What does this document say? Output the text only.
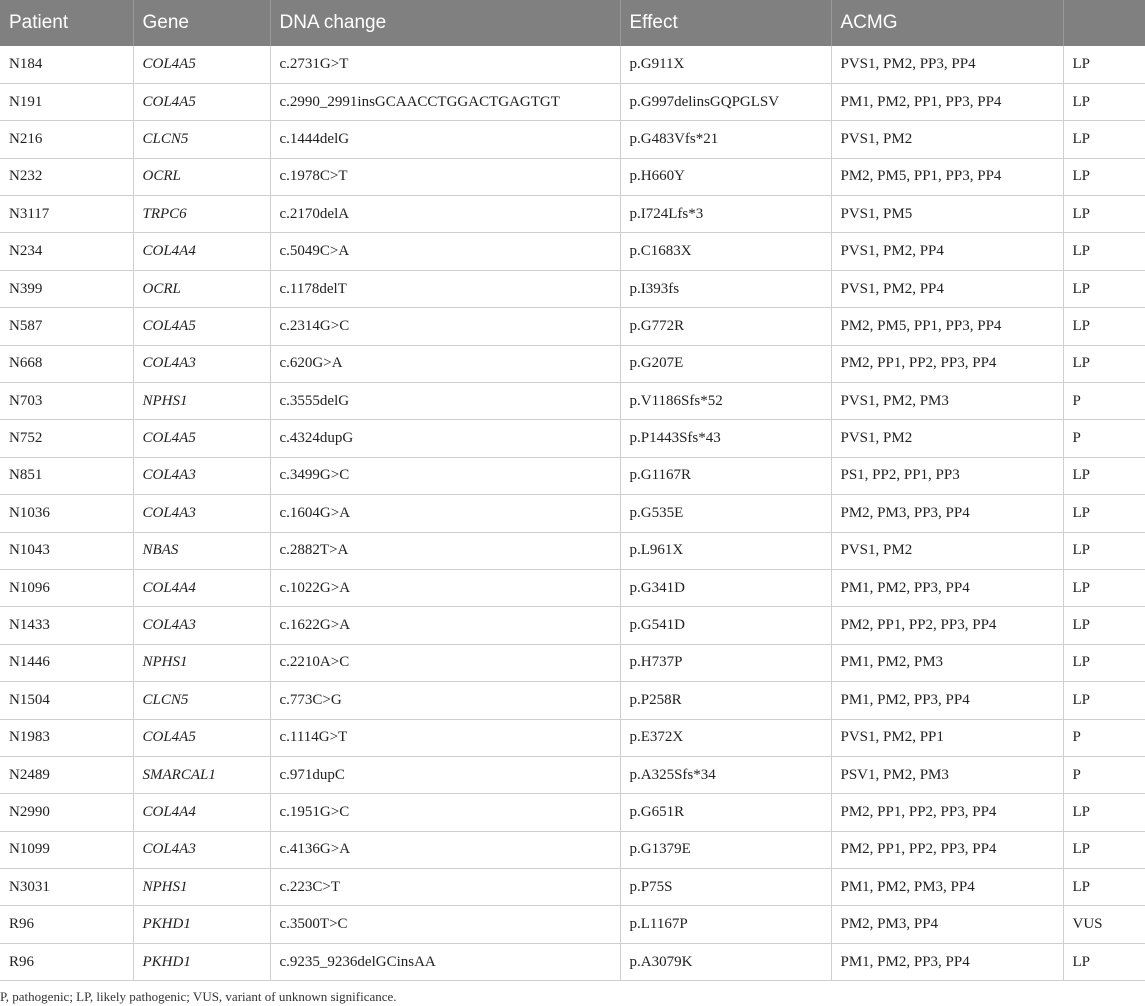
Patient	Gene	DNA change	Effect	ACMG	
N184	COL4A5	c.2731G>T	p.G911X	PVS1, PM2, PP3, PP4	LP
N191	COL4A5	c.2990_2991insGCAACCTGGACTGAGTGT	p.G997delinsGQPGLSV	PM1, PM2, PP1, PP3, PP4	LP
N216	CLCN5	c.1444delG	p.G483Vfs*21	PVS1, PM2	LP
N232	OCRL	c.1978C>T	p.H660Y	PM2, PM5, PP1, PP3, PP4	LP
N3117	TRPC6	c.2170delA	p.I724Lfs*3	PVS1, PM5	LP
N234	COL4A4	c.5049C>A	p.C1683X	PVS1, PM2, PP4	LP
N399	OCRL	c.1178delT	p.I393fs	PVS1, PM2, PP4	LP
N587	COL4A5	c.2314G>C	p.G772R	PM2, PM5, PP1, PP3, PP4	LP
N668	COL4A3	c.620G>A	p.G207E	PM2, PP1, PP2, PP3, PP4	LP
N703	NPHS1	c.3555delG	p.V1186Sfs*52	PVS1, PM2, PM3	P
N752	COL4A5	c.4324dupG	p.P1443Sfs*43	PVS1, PM2	P
N851	COL4A3	c.3499G>C	p.G1167R	PS1, PP2, PP1, PP3	LP
N1036	COL4A3	c.1604G>A	p.G535E	PM2, PM3, PP3, PP4	LP
N1043	NBAS	c.2882T>A	p.L961X	PVS1, PM2	LP
N1096	COL4A4	c.1022G>A	p.G341D	PM1, PM2, PP3, PP4	LP
N1433	COL4A3	c.1622G>A	p.G541D	PM2, PP1, PP2, PP3, PP4	LP
N1446	NPHS1	c.2210A>C	p.H737P	PM1, PM2, PM3	LP
N1504	CLCN5	c.773C>G	p.P258R	PM1, PM2, PP3, PP4	LP
N1983	COL4A5	c.1114G>T	p.E372X	PVS1, PM2, PP1	P
N2489	SMARCAL1	c.971dupC	p.A325Sfs*34	PSV1, PM2, PM3	P
N2990	COL4A4	c.1951G>C	p.G651R	PM2, PP1, PP2, PP3, PP4	LP
N1099	COL4A3	c.4136G>A	p.G1379E	PM2, PP1, PP2, PP3, PP4	LP
N3031	NPHS1	c.223C>T	p.P75S	PM1, PM2, PM3, PP4	LP
R96	PKHD1	c.3500T>C	p.L1167P	PM2, PM3, PP4	VUS
R96	PKHD1	c.9235_9236delGCinsAA	p.A3079K	PM1, PM2, PP3, PP4	LP
P, pathogenic; LP, likely pathogenic; VUS, variant of unknown significance.
